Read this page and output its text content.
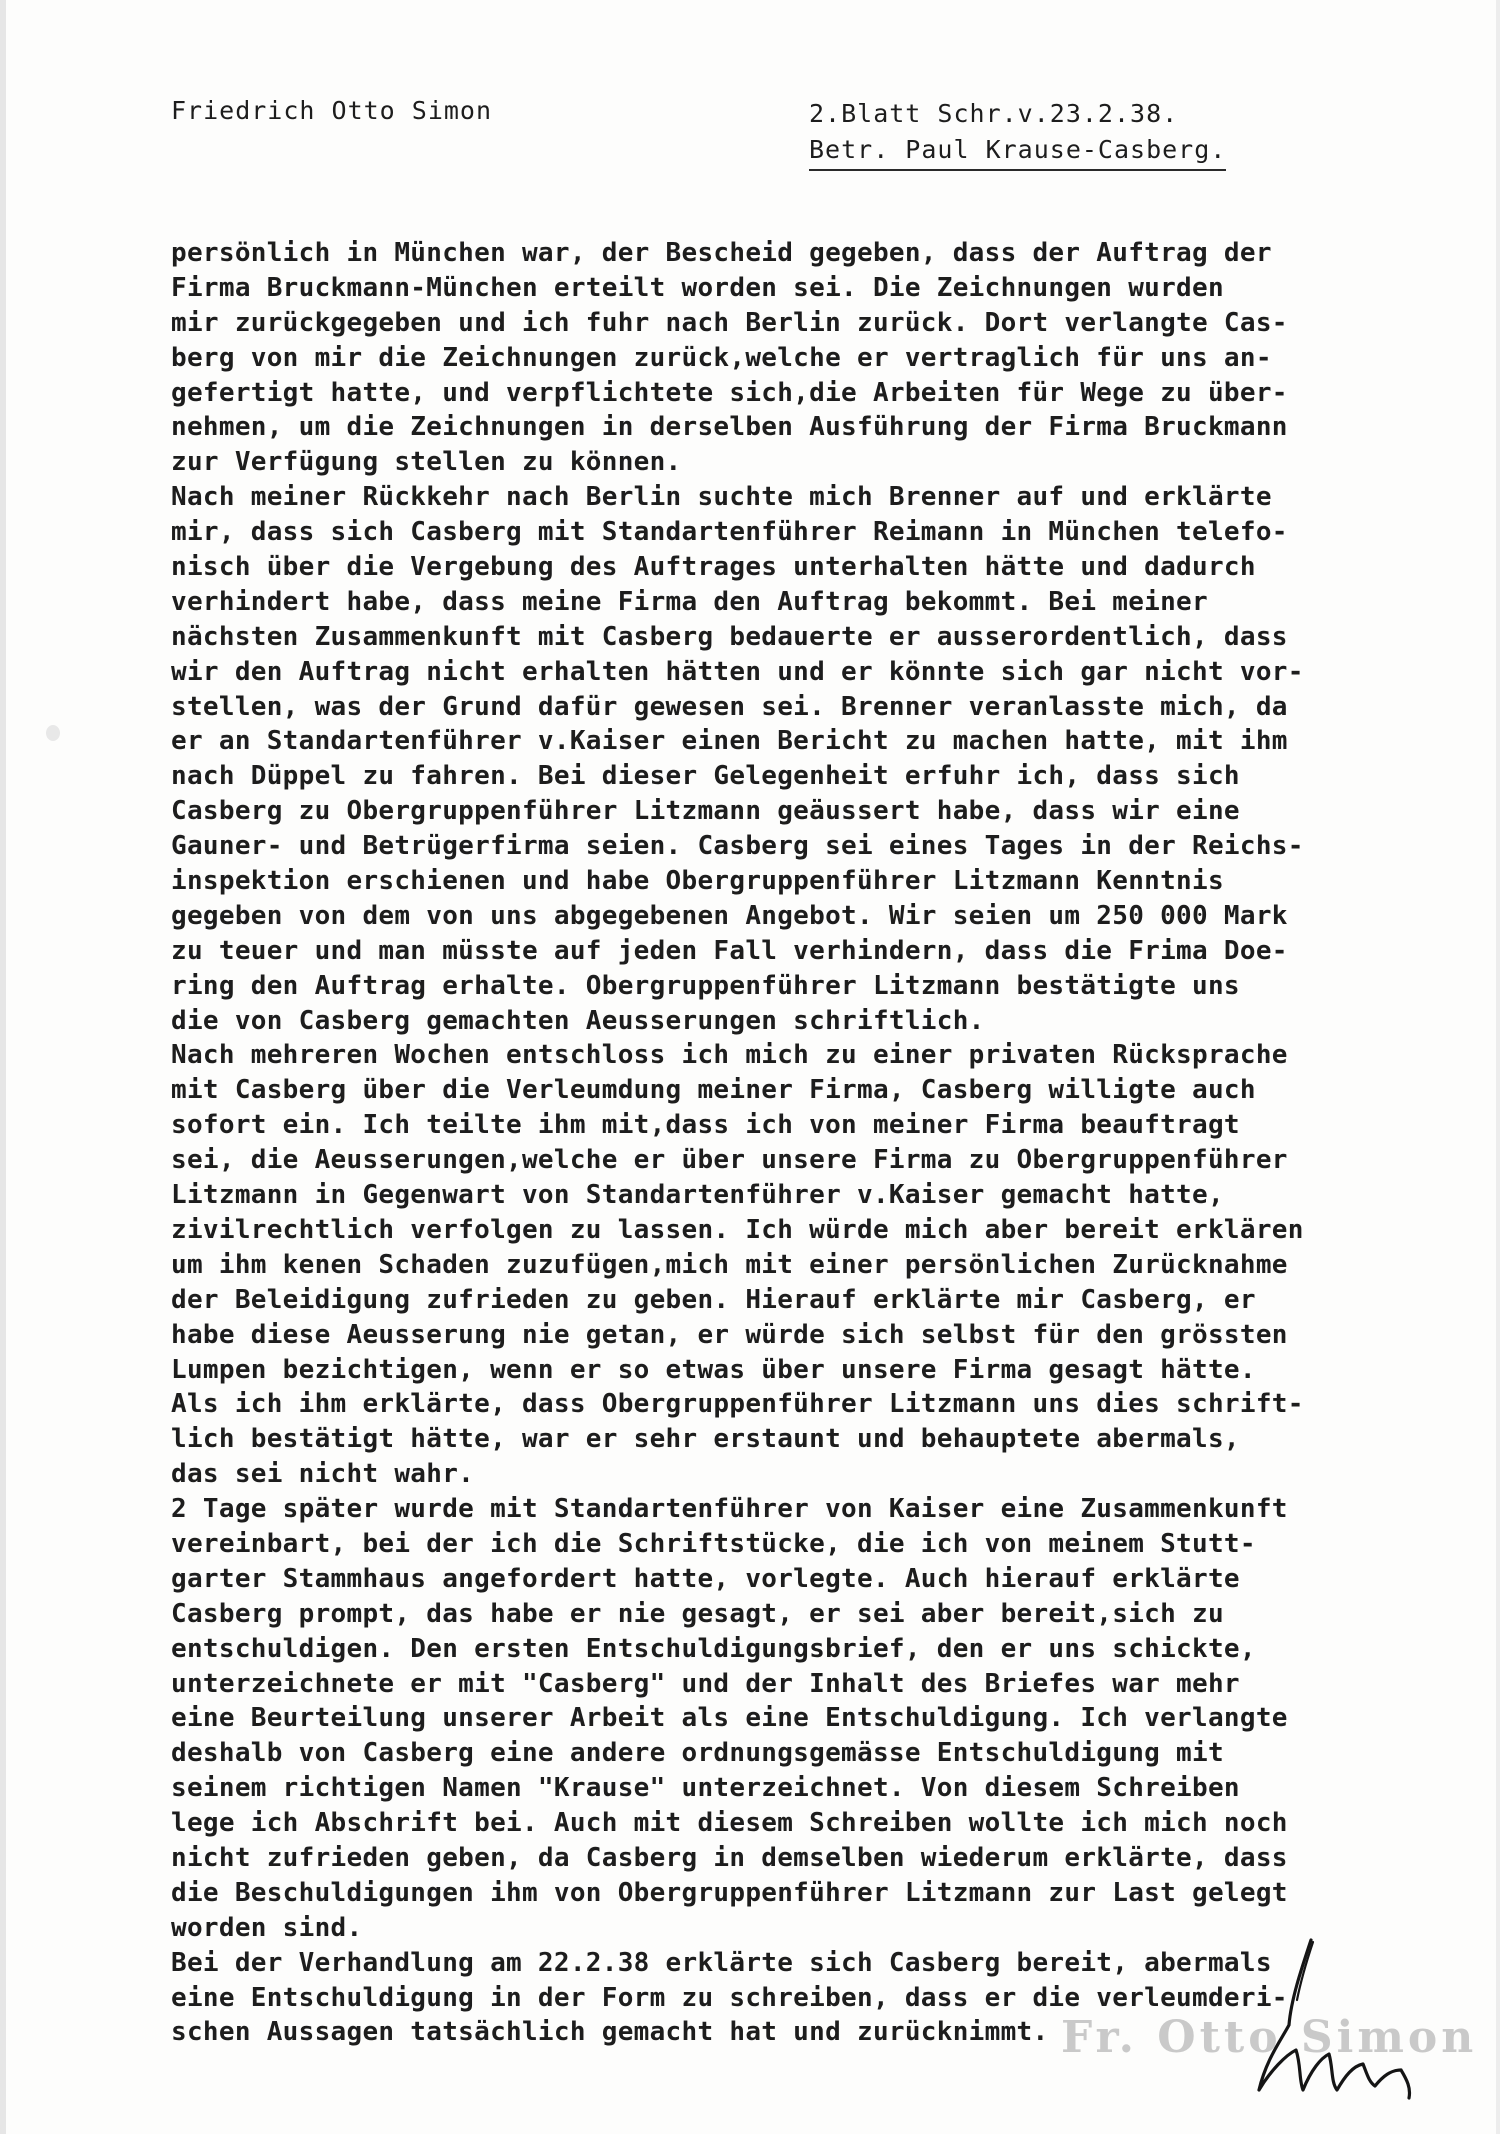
Friedrich Otto Simon	2.Blatt Schr.v.23.2.38.
Betr. Paul Krause-Casberg.
persönlich in München war, der Bescheid gegeben, dass der Auftrag der
Firma Bruckmann-München erteilt worden sei. Die Zeichnungen wurden
mir zurückgegeben und ich fuhr nach Berlin zurück. Dort verlangte Cas-
berg von mir die Zeichnungen zurück,welche er vertraglich für uns an-
gefertigt hatte, und verpflichtete sich,die Arbeiten für Wege zu über-
nehmen, um die Zeichnungen in derselben Ausführung der Firma Bruckmann
zur Verfügung stellen zu können.
Nach meiner Rückkehr nach Berlin suchte mich Brenner auf und erklärte
mir, dass sich Casberg mit Standartenführer Reimann in München telefo-
nisch über die Vergebung des Auftrages unterhalten hätte und dadurch
verhindert habe, dass meine Firma den Auftrag bekommt. Bei meiner
nächsten Zusammenkunft mit Casberg bedauerte er ausserordentlich, dass
wir den Auftrag nicht erhalten hätten und er könnte sich gar nicht vor-
stellen, was der Grund dafür gewesen sei. Brenner veranlasste mich, da
er an Standartenführer v.Kaiser einen Bericht zu machen hatte, mit ihm
nach Düppel zu fahren. Bei dieser Gelegenheit erfuhr ich, dass sich
Casberg zu Obergruppenführer Litzmann geäussert habe, dass wir eine
Gauner- und Betrügerfirma seien. Casberg sei eines Tages in der Reichs-
inspektion erschienen und habe Obergruppenführer Litzmann Kenntnis
gegeben von dem von uns abgegebenen Angebot. Wir seien um 250 000 Mark
zu teuer und man müsste auf jeden Fall verhindern, dass die Frima Doe-
ring den Auftrag erhalte. Obergruppenführer Litzmann bestätigte uns
die von Casberg gemachten Aeusserungen schriftlich.
Nach mehreren Wochen entschloss ich mich zu einer privaten Rücksprache
mit Casberg über die Verleumdung meiner Firma, Casberg willigte auch
sofort ein. Ich teilte ihm mit,dass ich von meiner Firma beauftragt
sei, die Aeusserungen,welche er über unsere Firma zu Obergruppenführer
Litzmann in Gegenwart von Standartenführer v.Kaiser gemacht hatte,
zivilrechtlich verfolgen zu lassen. Ich würde mich aber bereit erklären
um ihm kenen Schaden zuzufügen,mich mit einer persönlichen Zurücknahme
der Beleidigung zufrieden zu geben. Hierauf erklärte mir Casberg, er
habe diese Aeusserung nie getan, er würde sich selbst für den grössten
Lumpen bezichtigen, wenn er so etwas über unsere Firma gesagt hätte.
Als ich ihm erklärte, dass Obergruppenführer Litzmann uns dies schrift-
lich bestätigt hätte, war er sehr erstaunt und behauptete abermals,
das sei nicht wahr.
2 Tage später wurde mit Standartenführer von Kaiser eine Zusammenkunft
vereinbart, bei der ich die Schriftstücke, die ich von meinem Stutt-
garter Stammhaus angefordert hatte, vorlegte. Auch hierauf erklärte
Casberg prompt, das habe er nie gesagt, er sei aber bereit,sich zu
entschuldigen. Den ersten Entschuldigungsbrief, den er uns schickte,
unterzeichnete er mit "Casberg" und der Inhalt des Briefes war mehr
eine Beurteilung unserer Arbeit als eine Entschuldigung. Ich verlangte
deshalb von Casberg eine andere ordnungsgemässe Entschuldigung mit
seinem richtigen Namen "Krause" unterzeichnet. Von diesem Schreiben
lege ich Abschrift bei. Auch mit diesem Schreiben wollte ich mich noch
nicht zufrieden geben, da Casberg in demselben wiederum erklärte, dass
die Beschuldigungen ihm von Obergruppenführer Litzmann zur Last gelegt
worden sind.
Bei der Verhandlung am 22.2.38 erklärte sich Casberg bereit, abermals
eine Entschuldigung in der Form zu schreiben, dass er die verleumderi-
schen Aussagen tatsächlich gemacht hat und zurücknimmt. Fr. Otto Simon
